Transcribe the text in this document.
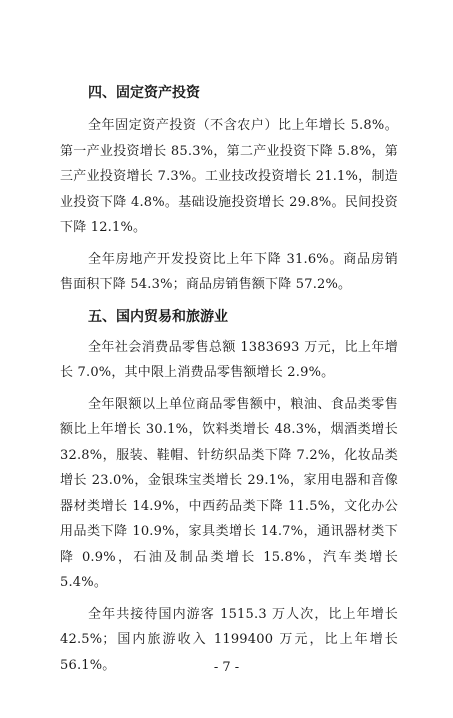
四、固定资产投资

全年固定资产投资（不含农户）比上年增长 5.8%。第一产业投资增长 85.3%，第二产业投资下降 5.8%，第三产业投资增长 7.3%。工业技改投资增长 21.1%，制造业投资下降 4.8%。基础设施投资增长 29.8%。民间投资下降 12.1%。

全年房地产开发投资比上年下降 31.6%。商品房销售面积下降 54.3%；商品房销售额下降 57.2%。

五、国内贸易和旅游业

全年社会消费品零售总额 1383693 万元，比上年增长 7.0%，其中限上消费品零售额增长 2.9%。

全年限额以上单位商品零售额中，粮油、食品类零售额比上年增长 30.1%，饮料类增长 48.3%，烟酒类增长 32.8%，服装、鞋帽、针纺织品类下降 7.2%，化妆品类增长 23.0%，金银珠宝类增长 29.1%，家用电器和音像器材类增长 14.9%，中西药品类下降 11.5%，文化办公用品类下降 10.9%，家具类增长 14.7%，通讯器材类下降 0.9%，石油及制品类增长 15.8%，汽车类增长 5.4%。

全年共接待国内游客 1515.3 万人次，比上年增长 42.5%；国内旅游收入 1199400 万元，比上年增长 56.1%。	- 7 -
